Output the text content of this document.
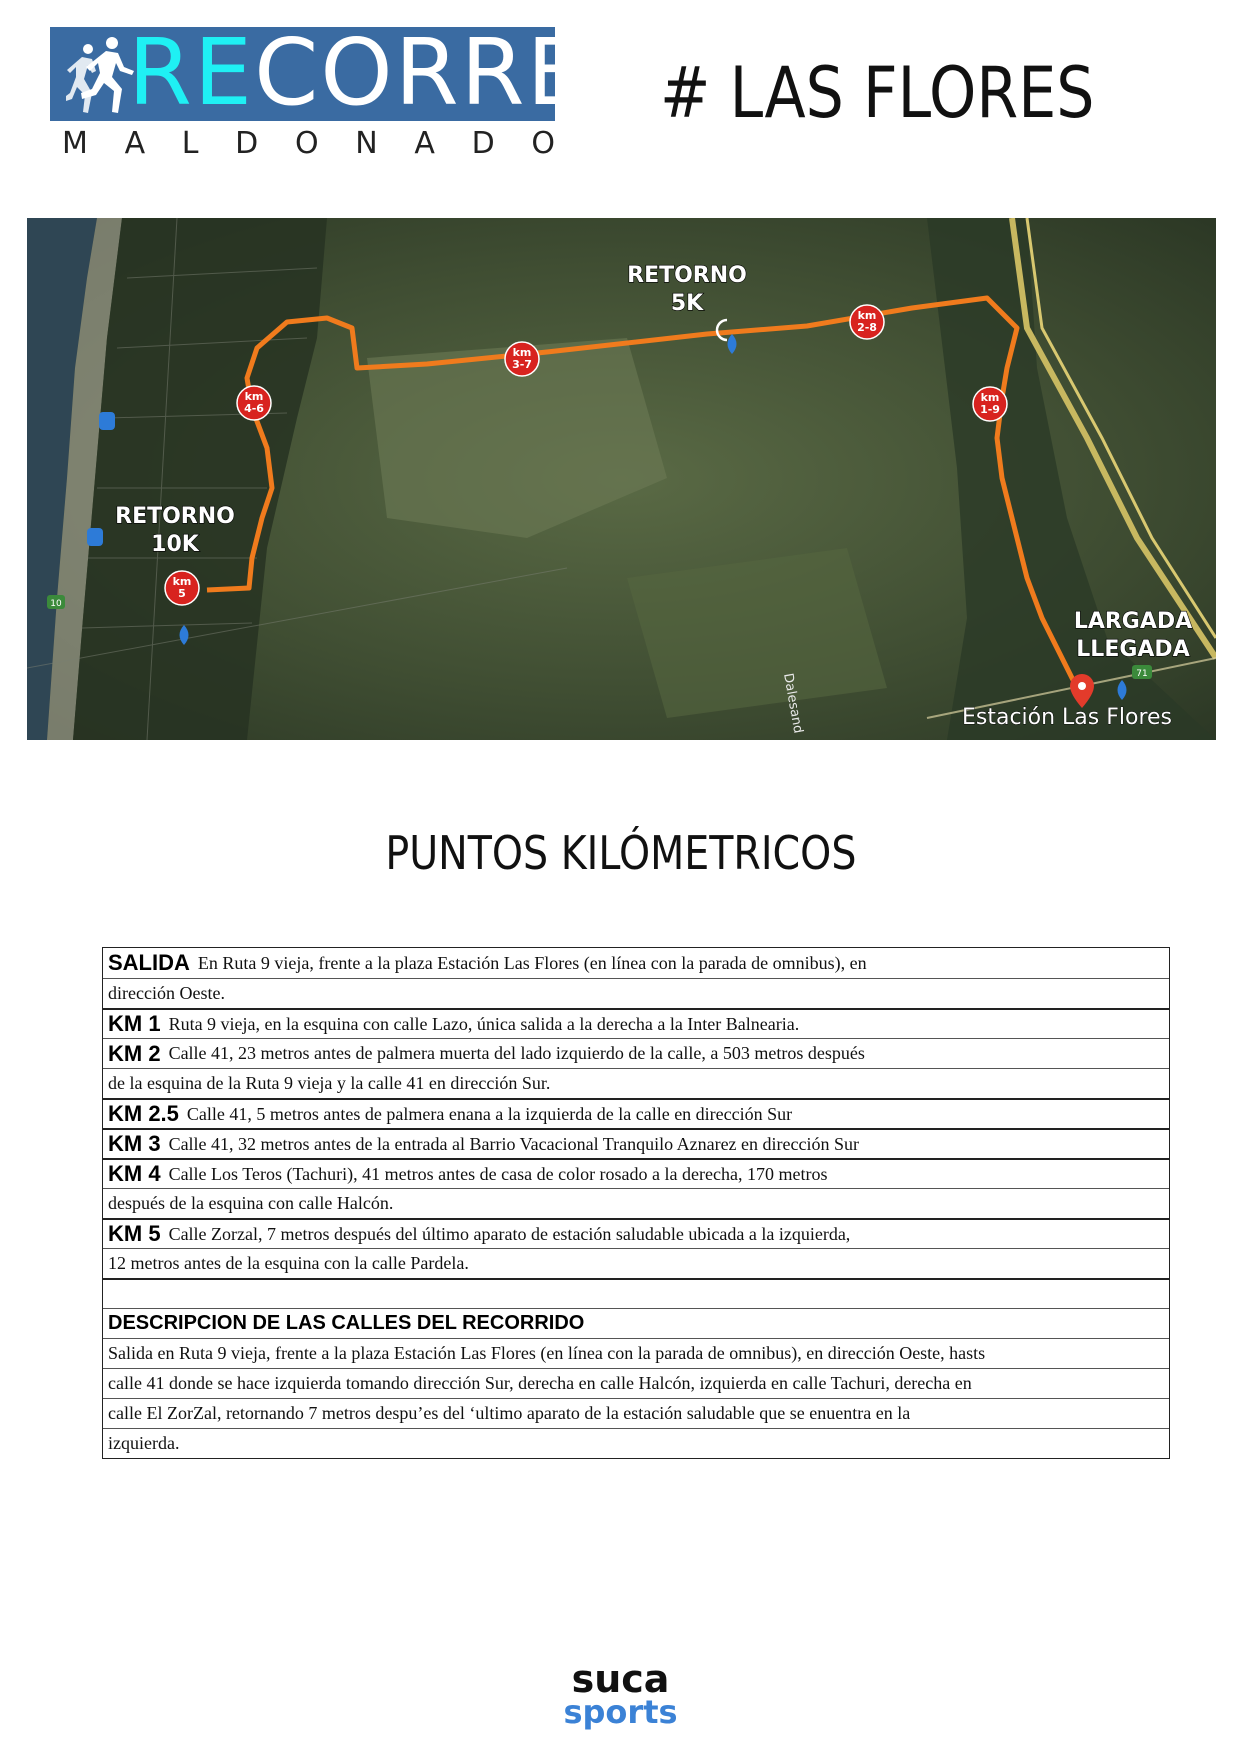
RECORRE
M A L D O N A D O
# LAS FLORES
10
71
km
1-9
km
2-8
km
3-7
km
4-6
km
5
RETORNO
5K
RETORNO
10K
LARGADA
LLEGADA
Estación Las Flores
Dalesand
PUNTOS KILÓMETRICOS
SALIDA En Ruta 9 vieja, frente a la plaza Estación Las Flores (en línea con la parada de omnibus), en
dirección Oeste.
KM 1 Ruta 9 vieja, en la esquina con calle Lazo, única salida a la derecha a la Inter Balnearia.
KM 2 Calle 41, 23 metros antes de palmera muerta del lado izquierdo de la calle, a 503 metros después
de la esquina de la Ruta 9 vieja y la calle 41 en dirección Sur.
KM 2.5 Calle 41, 5 metros antes de palmera enana a la izquierda de la calle en dirección Sur
KM 3 Calle 41, 32 metros antes de la entrada al Barrio Vacacional Tranquilo Aznarez en dirección Sur
KM 4 Calle Los Teros (Tachuri), 41 metros antes de casa de color rosado a la derecha, 170 metros
después de la esquina con calle Halcón.
KM 5 Calle Zorzal, 7 metros después del último aparato de estación saludable ubicada a la izquierda,
12 metros antes de la esquina con la calle Pardela.
DESCRIPCION DE LAS CALLES DEL RECORRIDO
Salida en Ruta 9 vieja, frente a la plaza Estación Las Flores (en línea con la parada de omnibus), en dirección Oeste, hasts
calle 41 donde se hace izquierda tomando dirección Sur, derecha en calle Halcón, izquierda en calle Tachuri, derecha en
calle El ZorZal, retornando 7 metros despu’es del ‘ultimo aparato de la estación saludable que se enuentra en la
izquierda.
suca
sports
